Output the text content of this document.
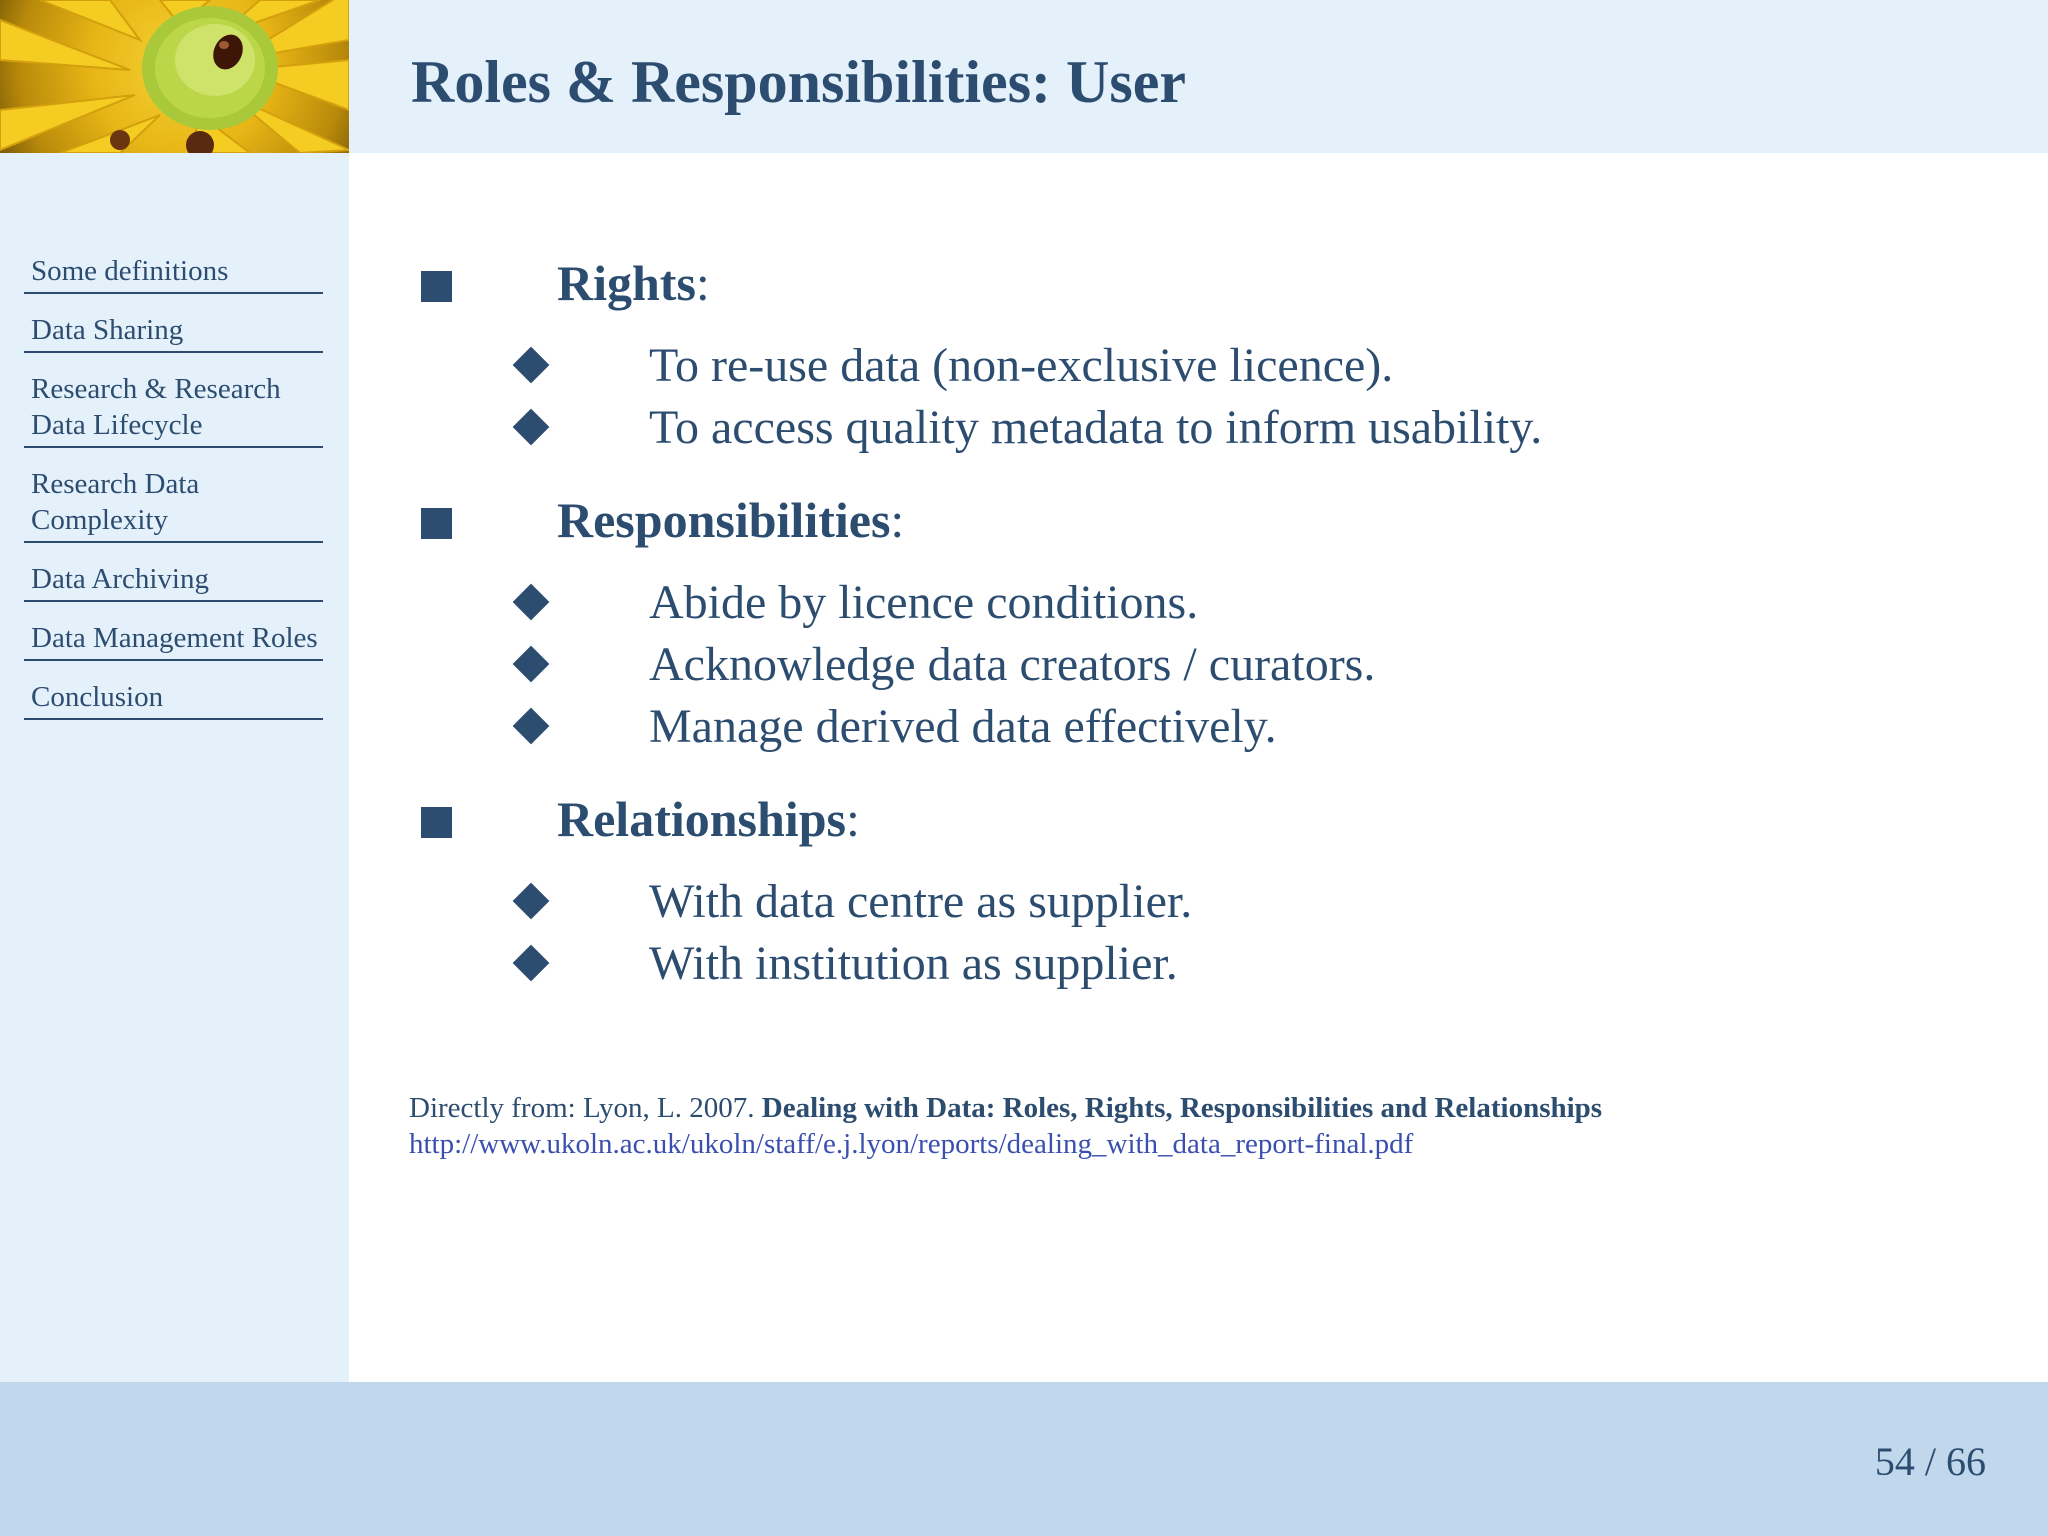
Roles & Responsibilities: User
Some definitions
Data Sharing
Research & Research Data Lifecycle
Research Data Complexity
Data Archiving
Data Management Roles
Conclusion
Rights:
To re-use data (non-exclusive licence).
To access quality metadata to inform usability.
Responsibilities:
Abide by licence conditions.
Acknowledge data creators / curators.
Manage derived data effectively.
Relationships:
With data centre as supplier.
With institution as supplier.
Directly from: Lyon, L. 2007. Dealing with Data: Roles, Rights, Responsibilities and Relationships
http://www.ukoln.ac.uk/ukoln/staff/e.j.lyon/reports/dealing_with_data_report-final.pdf
54 / 66
